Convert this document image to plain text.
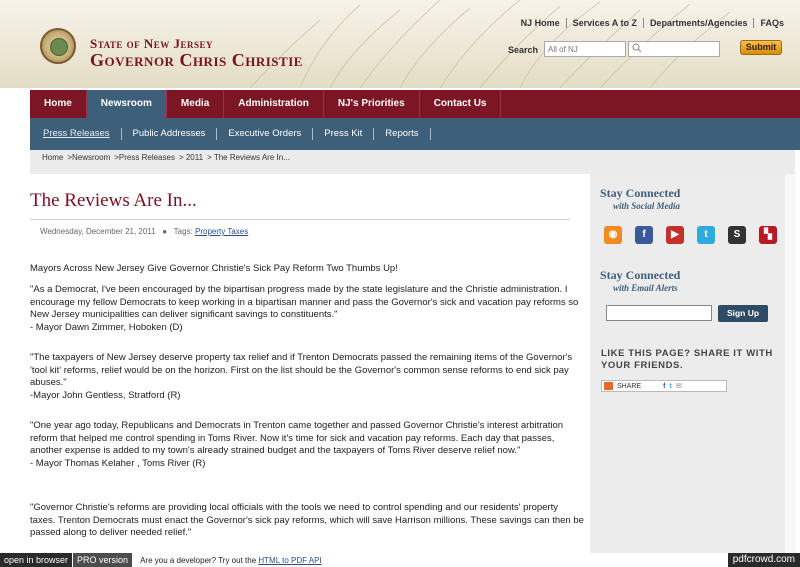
State of New Jersey
Governor Chris Christie
NJ Home	Services A to Z	Departments/Agencies	FAQs
Search
All of NJ	Submit
Home	Newsroom	Media	Administration	NJ's Priorities	Contact Us
Press Releases	Public Addresses	Executive Orders	Press Kit	Reports
Home >Newsroom >Press Releases > 2011 > The Reviews Are In...
The Reviews Are In...
Wednesday, December 21, 2011   ●   Tags: Property Taxes
Mayors Across New Jersey Give Governor Christie's Sick Pay Reform Two Thumbs Up!
"As a Democrat, I've been encouraged by the bipartisan progress made by the state legislature and the Christie administration. I encourage my fellow Democrats to keep working in a bipartisan manner and pass the Governor's sick and vacation pay reforms so New Jersey municipalities can deliver significant savings to constituents."
- Mayor Dawn Zimmer, Hoboken (D)
"The taxpayers of New Jersey deserve property tax relief and if Trenton Democrats passed the remaining items of the Governor's 'tool kit' reforms, relief would be on the horizon. First on the list should be the Governor's common sense reforms to end sick pay abuses."
-Mayor John Gentless, Stratford (R)
"One year ago today, Republicans and Democrats in Trenton came together and passed Governor Christie's interest arbitration reform that helped me control spending in Toms River. Now it's time for sick and vacation pay reforms. Each day that passes, another expense is added to my town's already strained budget and the taxpayers of Toms River deserve relief now."
- Mayor Thomas Kelaher , Toms River (R)
"Governor Christie's reforms are providing local officials with the tools we need to control spending and our residents' property taxes. Trenton Democrats must enact the Governor's sick pay reforms, which will save Harrison millions. These savings can then be passed along to deliver needed relief."
Stay Connected
with Social Media
◉	f	▶	t	S	▚
Stay Connected
with Email Alerts
Sign Up
LIKE THIS PAGE? SHARE IT WITH YOUR FRIENDS.
SHARE	f t ✉
open in browser	PRO version	Are you a developer? Try out the HTML to PDF API	pdfcrowd.com
